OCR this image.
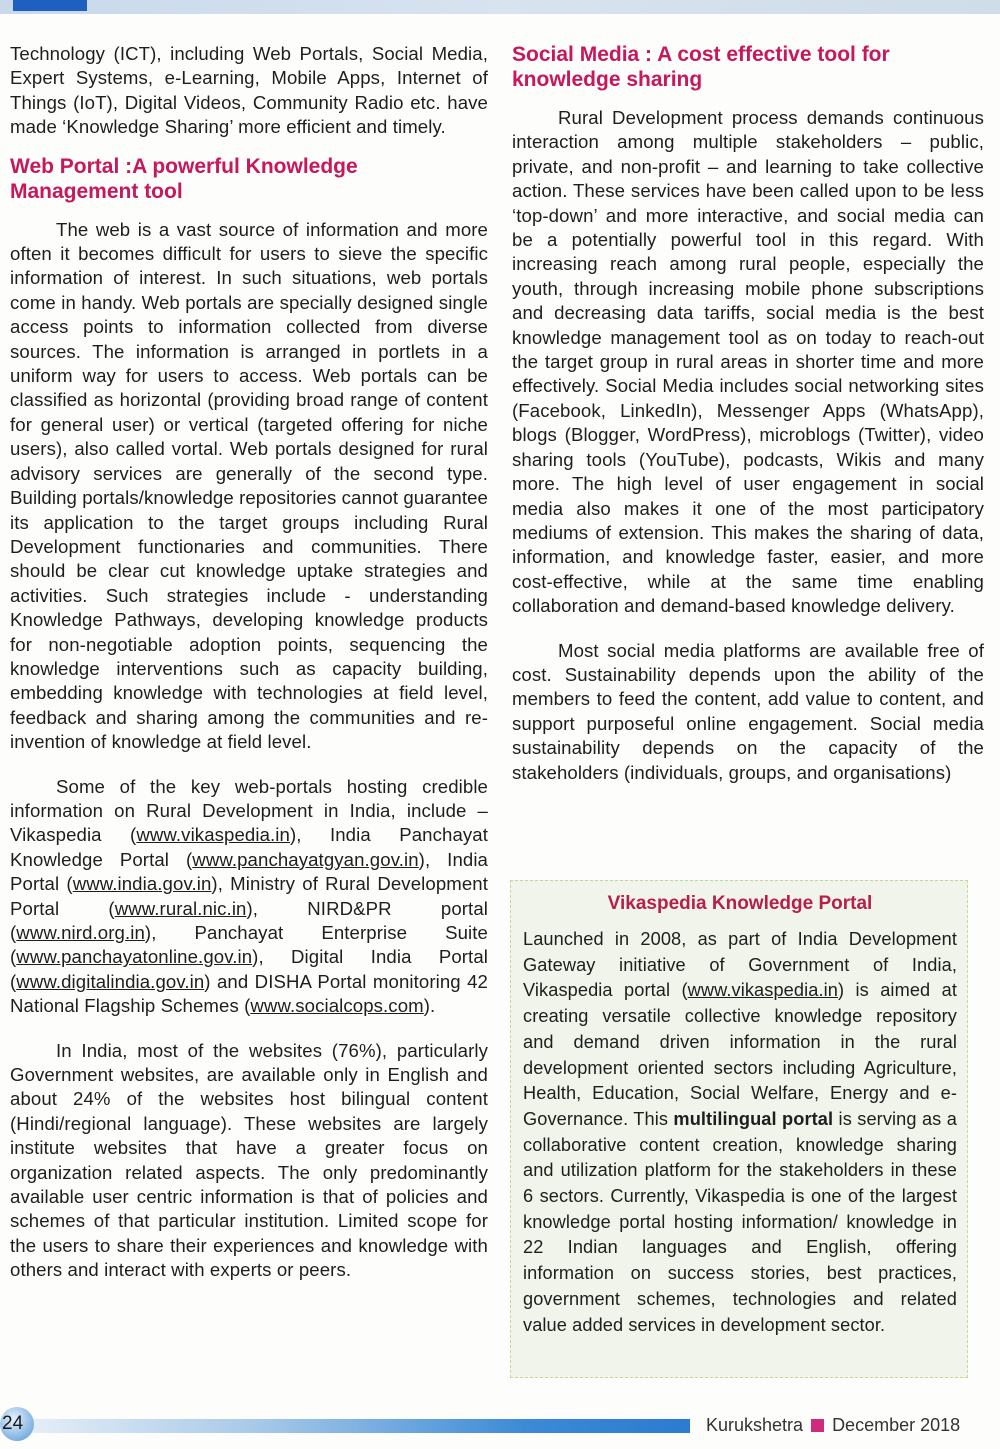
Technology (ICT), including Web Portals, Social Media, Expert Systems, e-Learning, Mobile Apps, Internet of Things (IoT), Digital Videos, Community Radio etc. have made ‘Knowledge Sharing’ more efficient and timely.

Web Portal :A powerful Knowledge Management tool

The web is a vast source of information and more often it becomes difficult for users to sieve the specific information of interest. In such situations, web portals come in handy. Web portals are specially designed single access points to information collected from diverse sources. The information is arranged in portlets in a uniform way for users to access. Web portals can be classified as horizontal (providing broad range of content for general user) or vertical (targeted offering for niche users), also called vortal. Web portals designed for rural advisory services are generally of the second type. Building portals/knowledge repositories cannot guarantee its application to the target groups including Rural Development functionaries and communities. There should be clear cut knowledge uptake strategies and activities. Such strategies include - understanding Knowledge Pathways, developing knowledge products for non-negotiable adoption points, sequencing the knowledge interventions such as capacity building, embedding knowledge with technologies at field level, feedback and sharing among the communities and re-invention of knowledge at field level.

Some of the key web-portals hosting credible information on Rural Development in India, include – Vikaspedia (www.vikaspedia.in), India Panchayat Knowledge Portal (www.panchayatgyan.gov.in), India Portal (www.india.gov.in), Ministry of Rural Development Portal (www.rural.nic.in), NIRD&PR portal (www.nird.org.in), Panchayat Enterprise Suite (www.panchayatonline.gov.in), Digital India Portal (www.digitalindia.gov.in) and DISHA Portal monitoring 42 National Flagship Schemes (www.socialcops.com).

In India, most of the websites (76%), particularly Government websites, are available only in English and about 24% of the websites host bilingual content (Hindi/regional language). These websites are largely institute websites that have a greater focus on organization related aspects. The only predominantly available user centric information is that of policies and schemes of that particular institution. Limited scope for the users to share their experiences and knowledge with others and interact with experts or peers.

Social Media : A cost effective tool for knowledge sharing

Rural Development process demands continuous interaction among multiple stakeholders – public, private, and non-profit – and learning to take collective action. These services have been called upon to be less ‘top-down’ and more interactive, and social media can be a potentially powerful tool in this regard. With increasing reach among rural people, especially the youth, through increasing mobile phone subscriptions and decreasing data tariffs, social media is the best knowledge management tool as on today to reach-out the target group in rural areas in shorter time and more effectively. Social Media includes social networking sites (Facebook, LinkedIn), Messenger Apps (WhatsApp), blogs (Blogger, WordPress), microblogs (Twitter), video sharing tools (YouTube), podcasts, Wikis and many more. The high level of user engagement in social media also makes it one of the most participatory mediums of extension. This makes the sharing of data, information, and knowledge faster, easier, and more cost-effective, while at the same time enabling collaboration and demand-based knowledge delivery.

Most social media platforms are available free of cost. Sustainability depends upon the ability of the members to feed the content, add value to content, and support purposeful online engagement. Social media sustainability depends on the capacity of the stakeholders (individuals, groups, and organisations)

Vikaspedia Knowledge Portal

Launched in 2008, as part of India Development Gateway initiative of Government of India, Vikaspedia portal (www.vikaspedia.in) is aimed at creating versatile collective knowledge repository and demand driven information in the rural development oriented sectors including Agriculture, Health, Education, Social Welfare, Energy and e-Governance. This multilingual portal is serving as a collaborative content creation, knowledge sharing and utilization platform for the stakeholders in these 6 sectors. Currently, Vikaspedia is one of the largest knowledge portal hosting information/ knowledge in 22 Indian languages and English, offering information on success stories, best practices, government schemes, technologies and related value added services in development sector.

24	Kurukshetra December 2018
